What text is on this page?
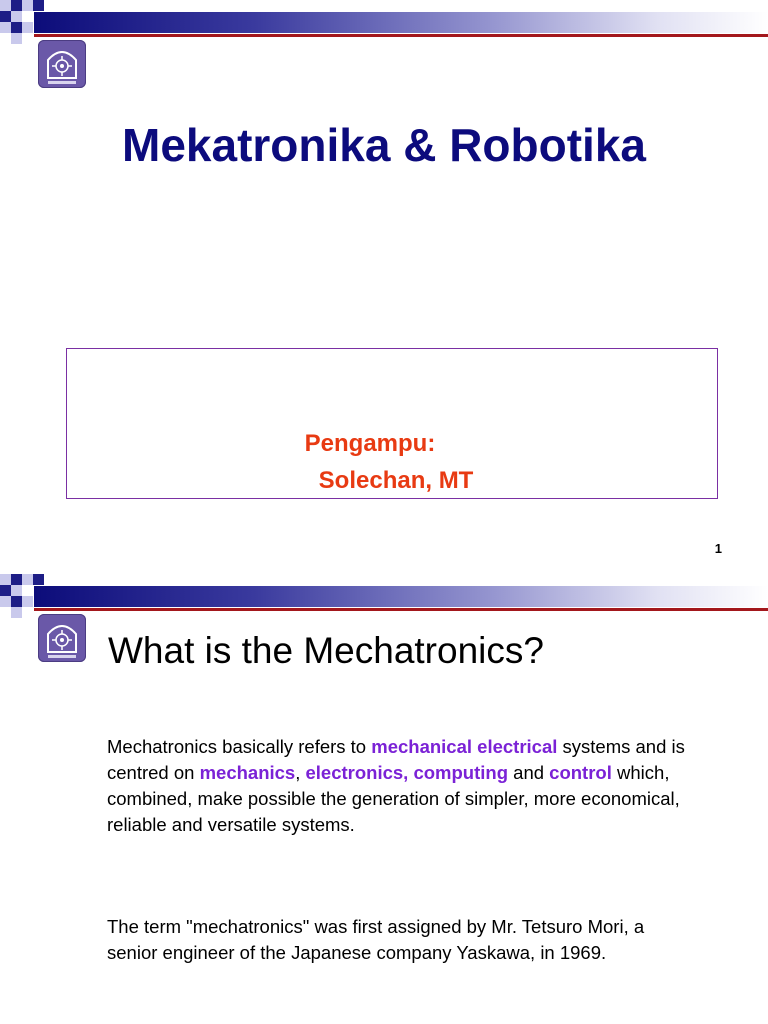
Mekatronika & Robotika
Pengampu:
Solechan, MT
1
What is the Mechatronics?
Mechatronics basically refers to mechanical electrical systems and is centred on mechanics, electronics, computing and control which, combined, make possible the generation of simpler, more economical, reliable and versatile systems.
The term "mechatronics" was first assigned by Mr. Tetsuro Mori, a senior engineer of the Japanese company Yaskawa, in 1969.
